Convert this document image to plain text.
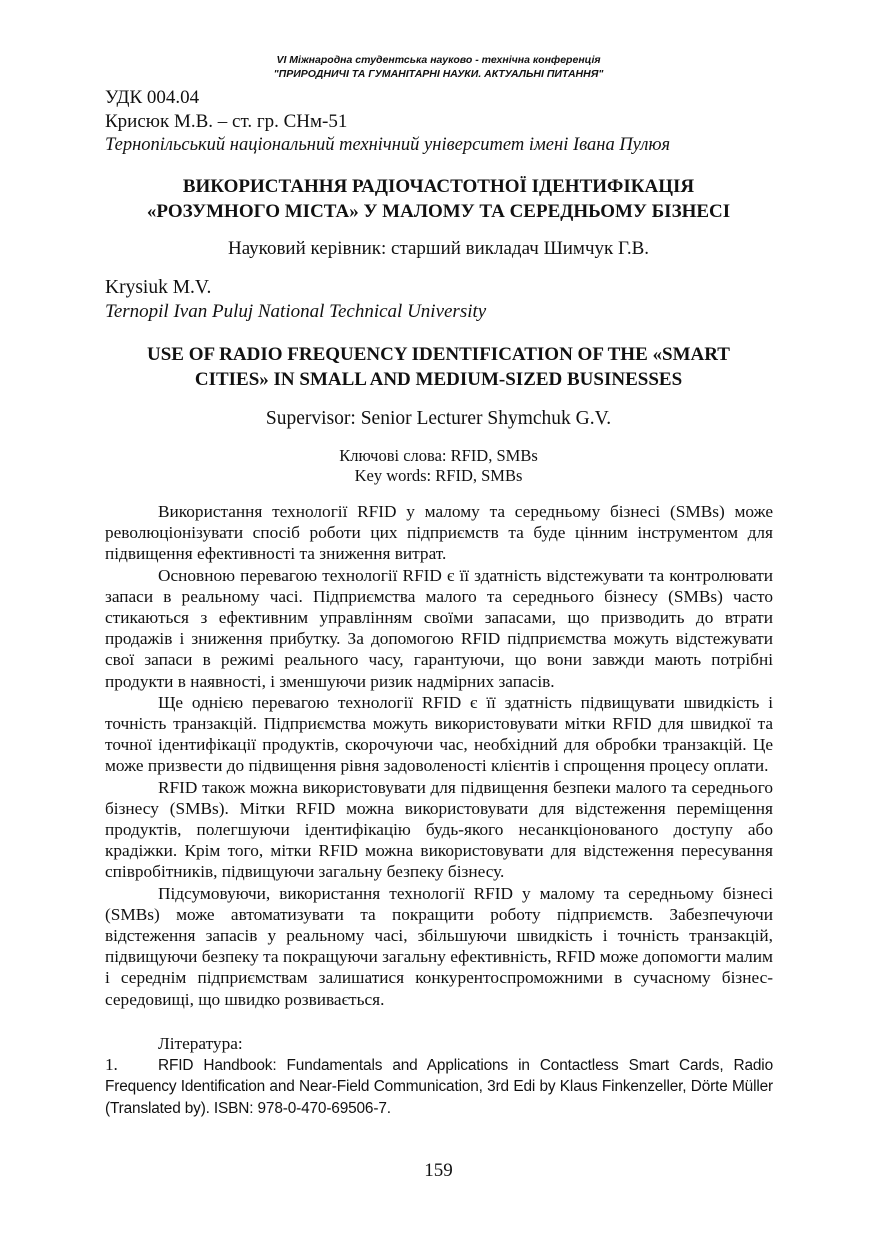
VI Міжнародна студентська науково - технічна конференція
"ПРИРОДНИЧІ ТА ГУМАНІТАРНІ НАУКИ. АКТУАЛЬНІ ПИТАННЯ"
УДК 004.04
Крисюк М.В. – ст. гр. СНм-51
Тернопільський національний технічний університет імені Івана Пулюя
ВИКОРИСТАННЯ РАДІОЧАСТОТНОЇ ІДЕНТИФІКАЦІЯ
«РОЗУМНОГО МІСТА» У МАЛОМУ ТА СЕРЕДНЬОМУ БІЗНЕСІ
Науковий керівник: старший викладач Шимчук Г.В.
Krysiuk M.V.
Ternopil Ivan Puluj National Technical University
USE OF RADIO FREQUENCY IDENTIFICATION OF THE «SMART
CITIES» IN SMALL AND MEDIUM-SIZED BUSINESSES
Supervisor: Senior Lecturer Shymchuk G.V.
Ключові слова: RFID, SMBs
Key words: RFID, SMBs

Використання технології RFID у малому та середньому бізнесі (SMBs) може революціонізувати спосіб роботи цих підприємств та буде цінним інструментом для підвищення ефективності та зниження витрат.

Основною перевагою технології RFID є її здатність відстежувати та контролювати запаси в реальному часі. Підприємства малого та середнього бізнесу (SMBs) часто стикаються з ефективним управлінням своїми запасами, що призводить до втрати продажів і зниження прибутку. За допомогою RFID підприємства можуть відстежувати свої запаси в режимі реального часу, гарантуючи, що вони завжди мають потрібні продукти в наявності, і зменшуючи ризик надмірних запасів.

Ще однією перевагою технології RFID є її здатність підвищувати швидкість і точність транзакцій. Підприємства можуть використовувати мітки RFID для швидкої та точної ідентифікації продуктів, скорочуючи час, необхідний для обробки транзакцій. Це може призвести до підвищення рівня задоволеності клієнтів і спрощення процесу оплати.

RFID також можна використовувати для підвищення безпеки малого та середнього бізнесу (SMBs). Мітки RFID можна використовувати для відстеження переміщення продуктів, полегшуючи ідентифікацію будь-якого несанкціонованого доступу або крадіжки. Крім того, мітки RFID можна використовувати для відстеження пересування співробітників, підвищуючи загальну безпеку бізнесу.

Підсумовуючи, використання технології RFID у малому та середньому бізнесі (SMBs) може автоматизувати та покращити роботу підприємств. Забезпечуючи відстеження запасів у реальному часі, збільшуючи швидкість і точність транзакцій, підвищуючи безпеку та покращуючи загальну ефективність, RFID може допомогти малим і середнім підприємствам залишатися конкурентоспроможними в сучасному бізнес-середовищі, що швидко розвивається.

Література:
1.	RFID Handbook: Fundamentals and Applications in Contactless Smart Cards, Radio Frequency Identification and Near-Field Communication, 3rd Edi by Klaus Finkenzeller, Dörte Müller (Translated by). ISBN: 978-0-470-69506-7.
159
